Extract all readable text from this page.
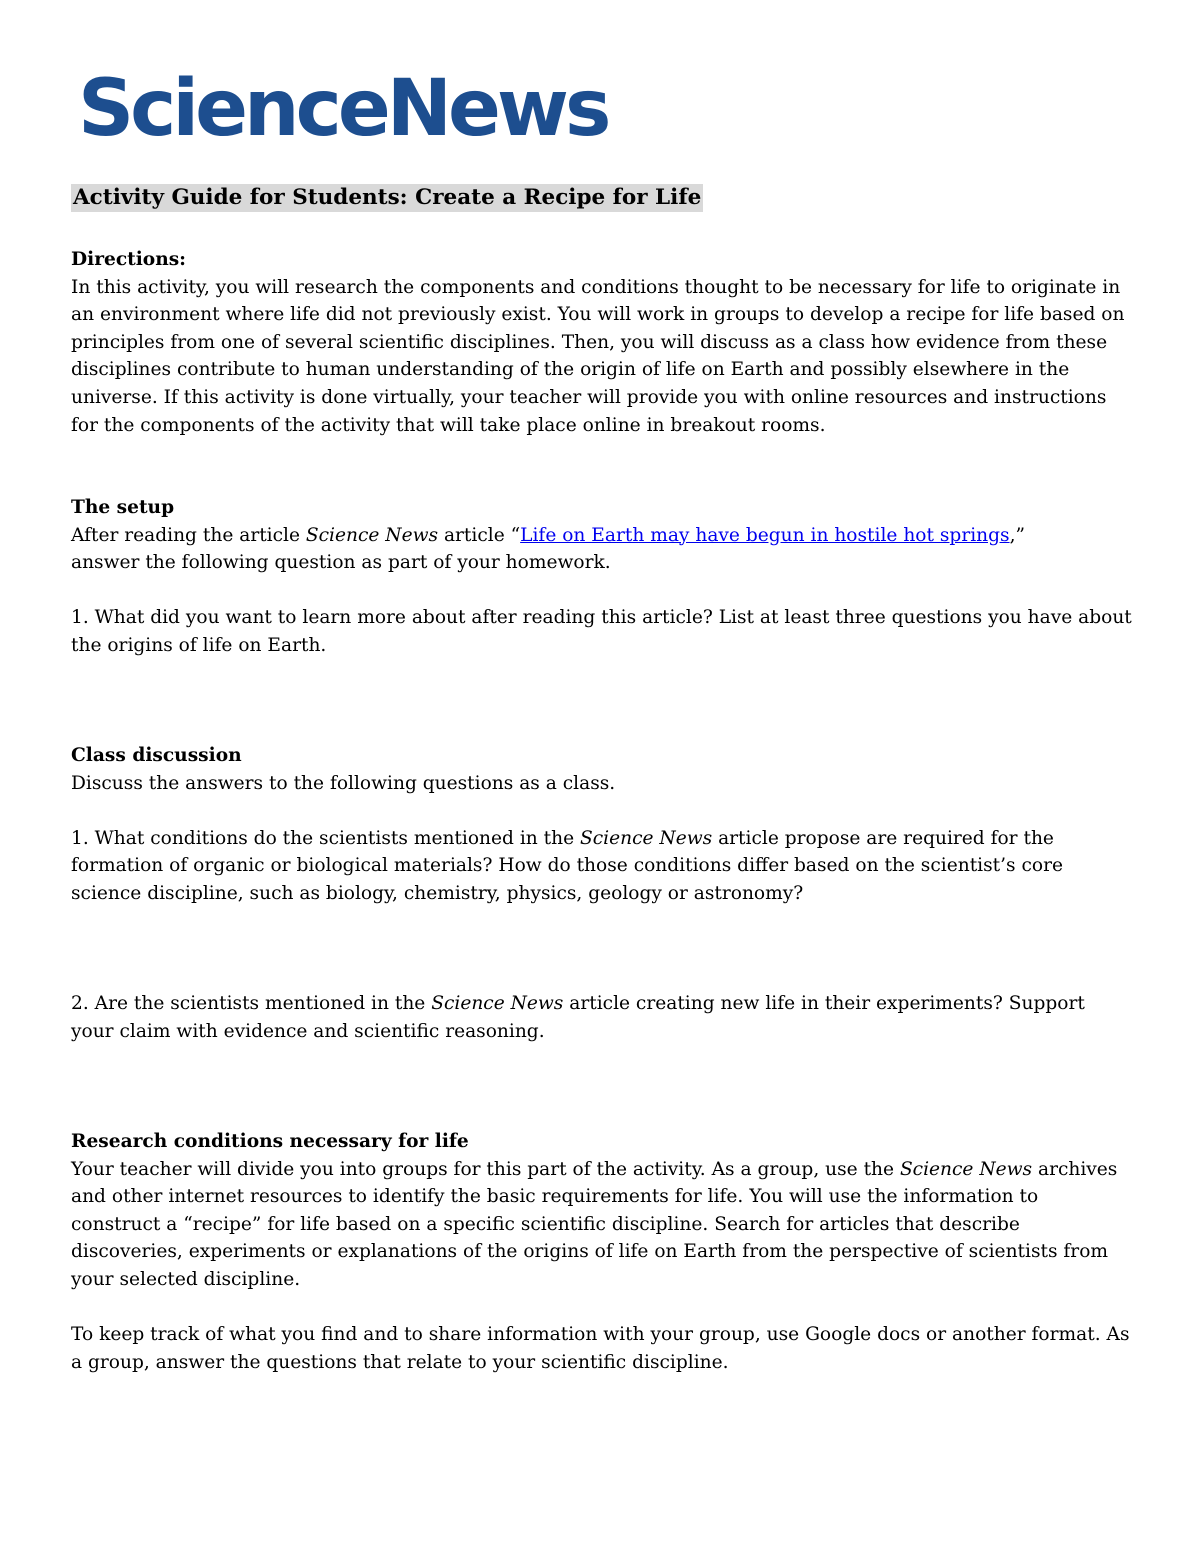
ScienceNews
Activity Guide for Students: Create a Recipe for Life

Directions:

In this activity, you will research the components and conditions thought to be necessary for life to originate in an environment where life did not previously exist. You will work in groups to develop a recipe for life based on principles from one of several scientific disciplines. Then, you will discuss as a class how evidence from these disciplines contribute to human understanding of the origin of life on Earth and possibly elsewhere in the universe. If this activity is done virtually, your teacher will provide you with online resources and instructions for the components of the activity that will take place online in breakout rooms.

The setup

After reading the article Science News article “Life on Earth may have begun in hostile hot springs,”
answer the following question as part of your homework.

1. What did you want to learn more about after reading this article? List at least three questions you have about the origins of life on Earth.

Class discussion

Discuss the answers to the following questions as a class.

1. What conditions do the scientists mentioned in the Science News article propose are required for the formation of organic or biological materials? How do those conditions differ based on the scientist’s core science discipline, such as biology, chemistry, physics, geology or astronomy?

2. Are the scientists mentioned in the Science News article creating new life in their experiments? Support your claim with evidence and scientific reasoning.

Research conditions necessary for life

Your teacher will divide you into groups for this part of the activity. As a group, use the Science News archives and other internet resources to identify the basic requirements for life. You will use the information to construct a “recipe” for life based on a specific scientific discipline. Search for articles that describe discoveries, experiments or explanations of the origins of life on Earth from the perspective of scientists from your selected discipline.

To keep track of what you find and to share information with your group, use Google docs or another format. As a group, answer the questions that relate to your scientific discipline.
